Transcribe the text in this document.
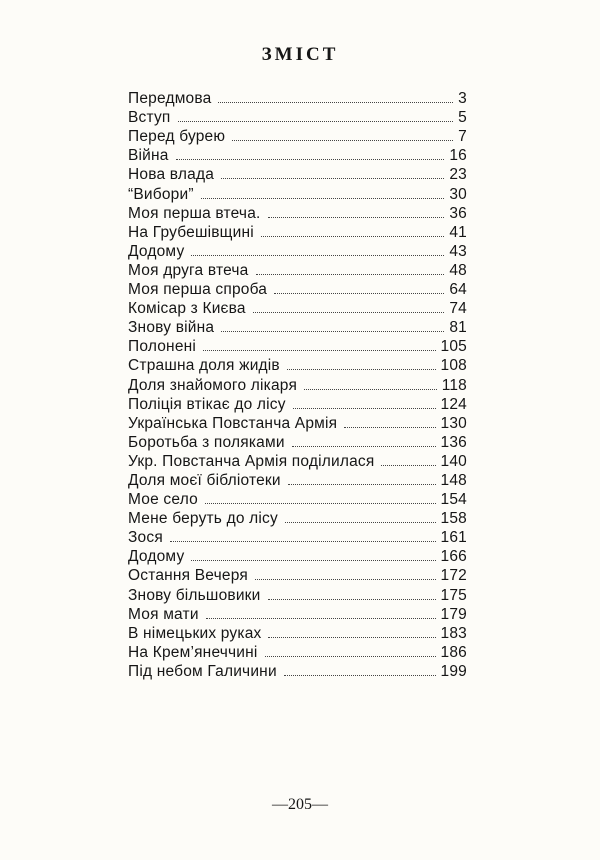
ЗМІСТ
Передмова	3
Вступ	5
Перед бурею	7
Війна	16
Нова влада	23
“Вибори”	30
Моя перша втеча.	36
На Грубешівщині	41
Додому	43
Моя друга втеча	48
Моя перша спроба	64
Комісар з Києва	74
Знову війна	81
Полонені	105
Страшна доля жидів	108
Доля знайомого лікаря	118
Поліція втікає до лісу	124
Українська Повстанча Армія	130
Боротьба з поляками	136
Укр. Повстанча Армія поділилася	140
Доля моєї бібліотеки	148
Мое село	154
Мене беруть до лісу	158
Зося	161
Додому	166
Остання Вечеря	172
Знову більшовики	175
Моя мати	179
В німецьких руках	183
На Крем’янеччині	186
Під небом Галичини	199
—205—
